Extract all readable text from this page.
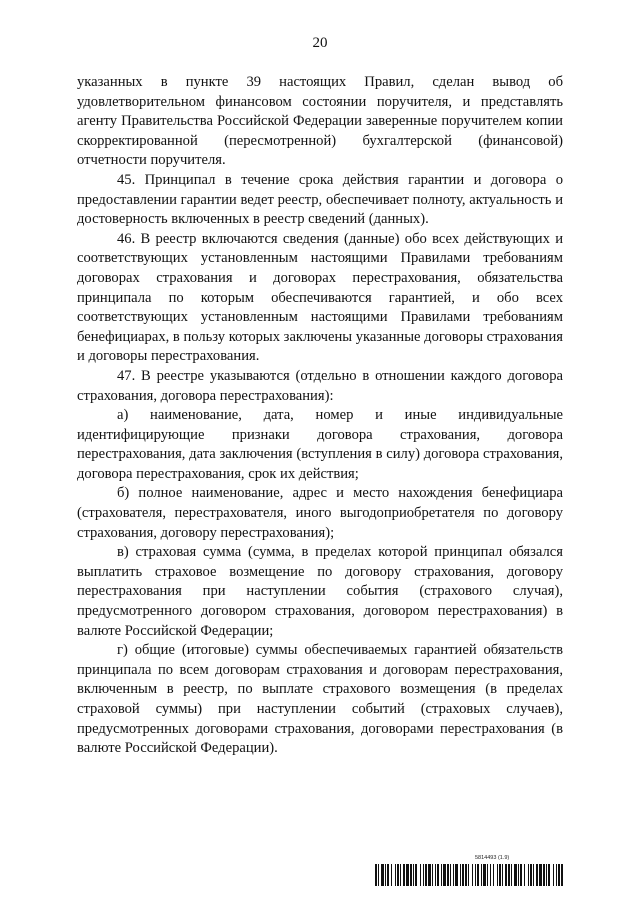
20

указанных в пункте 39 настоящих Правил, сделан вывод об удовлетворительном финансовом состоянии поручителя, и представлять агенту Правительства Российской Федерации заверенные поручителем копии скорректированной (пересмотренной) бухгалтерской (финансовой) отчетности поручителя.

45. Принципал в течение срока действия гарантии и договора о предоставлении гарантии ведет реестр, обеспечивает полноту, актуальность и достоверность включенных в реестр сведений (данных).

46. В реестр включаются сведения (данные) обо всех действующих и соответствующих установленным настоящими Правилами требованиям договорах страхования и договорах перестрахования, обязательства принципала по которым обеспечиваются гарантией, и обо всех соответствующих установленным настоящими Правилами требованиям бенефициарах, в пользу которых заключены указанные договоры страхования и договоры перестрахования.

47. В реестре указываются (отдельно в отношении каждого договора страхования, договора перестрахования):

а) наименование, дата, номер и иные индивидуальные идентифицирующие признаки договора страхования, договора перестрахования, дата заключения (вступления в силу) договора страхования, договора перестрахования, срок их действия;

б) полное наименование, адрес и место нахождения бенефициара (страхователя, перестрахователя, иного выгодоприобретателя по договору страхования, договору перестрахования);

в) страховая сумма (сумма, в пределах которой принципал обязался выплатить страховое возмещение по договору страхования, договору перестрахования при наступлении события (страхового случая), предусмотренного договором страхования, договором перестрахования) в валюте Российской Федерации;

г) общие (итоговые) суммы обеспечиваемых гарантией обязательств принципала по всем договорам страхования и договорам перестрахования, включенным в реестр, по выплате страхового возмещения (в пределах страховой суммы) при наступлении событий (страховых случаев), предусмотренных договорами страхования, договорами перестрахования (в валюте Российской Федерации).

5814493 (1.9)
